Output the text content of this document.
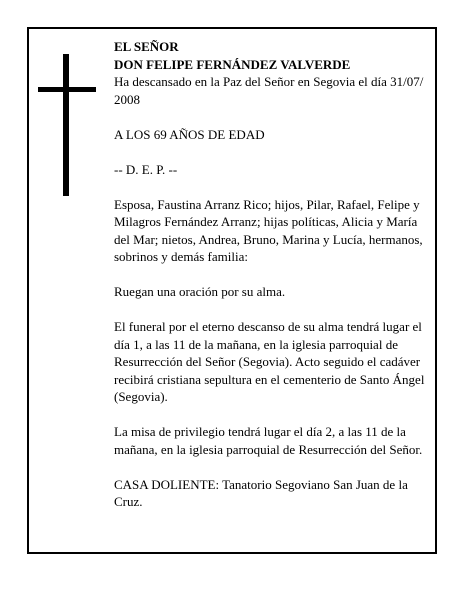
EL SEÑOR

DON FELIPE FERNÁNDEZ VALVERDE

Ha descansado en la Paz del Señor en Segovia el día 31/07/ 2008

A LOS 69 AÑOS DE EDAD

-- D. E. P. --

Esposa, Faustina Arranz Rico; hijos, Pilar, Rafael, Felipe y Milagros Fernández Arranz; hijas políticas, Alicia y María del Mar; nietos, Andrea, Bruno, Marina y Lucía, hermanos, sobrinos y demás familia:

Ruegan una oración por su alma.

El funeral por el eterno descanso de su alma tendrá lugar el día 1, a las 11 de la mañana, en la iglesia parroquial de Resurrección del Señor (Segovia). Acto seguido el cadáver recibirá cristiana sepultura en el cementerio de Santo Ángel (Segovia).

La misa de privilegio tendrá lugar el día 2, a las 11 de la mañana, en la iglesia parroquial de Resurrección del Señor.

CASA DOLIENTE: Tanatorio Segoviano San Juan de la Cruz.
